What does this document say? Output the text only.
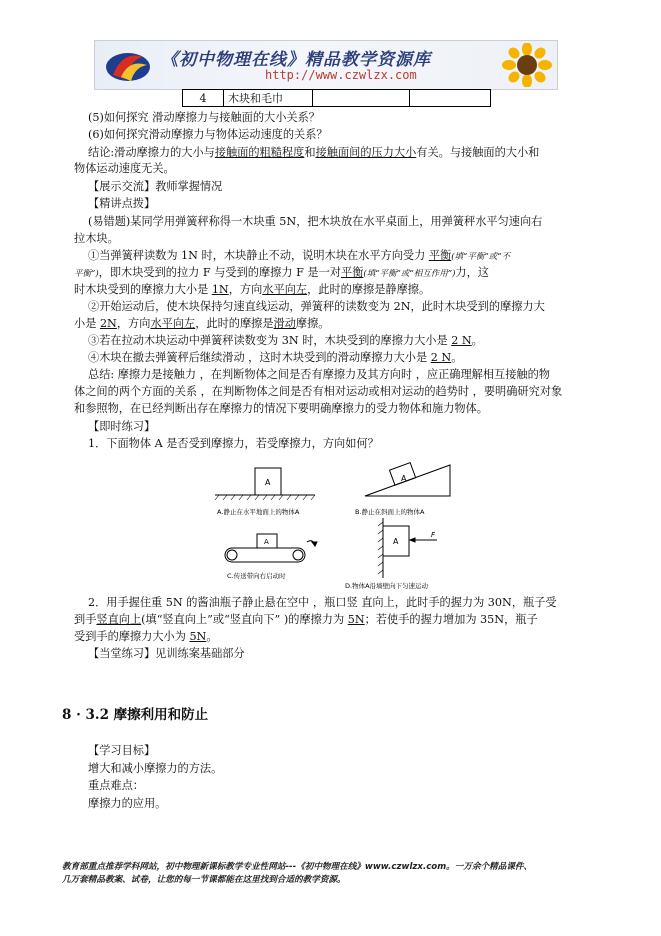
《初中物理在线》精品教学资源库
http://www.czwlzx.com
4	木块和毛巾		
(5)如何探究 滑动摩擦力与接触面的大小关系？
(6)如何探究滑动摩擦力与物体运动速度的关系？
结论:滑动摩擦力的大小与接触面的粗糙程度和接触面间的压力大小有关。与接触面的大小和
物体运动速度无关。
【展示交流】教师掌握情况
【精讲点拨】
(易错题)某同学用弹簧秤称得一木块重 5N，把木块放在水平桌面上，用弹簧秤水平匀速向右
拉木块。
①当弹簧秤读数为 1N 时，木块静止不动，说明木块在水平方向受力 平衡(填“平衡”或“不
平衡”)，即木块受到的拉力 F 与受到的摩擦力 F 是一对平衡(填“平衡”或“相互作用”)力，这
时木块受到的摩擦力大小是 1N，方向水平向左，此时的摩擦是静摩擦。
②开始运动后，使木块保持匀速直线运动，弹簧秤的读数变为 2N，此时木块受到的摩擦力大
小是 2N，方向水平向左，此时的摩擦是滑动摩擦。
③若在拉动木块运动中弹簧秤读数变为 3N 时，木块受到的摩擦力大小是 2 N。
④木块在撤去弹簧秤后继续滑动 ，这时木块受到的滑动摩擦力大小是 2 N。
总结: 摩擦力是接触力 ，在判断物体之间是否有摩擦力及其方向时 ，应正确理解相互接触的物
体之间的两个方面的关系 ，在判断物体之间是否有相对运动或相对运动的趋势时 ，要明确研究对象
和参照物，在已经判断出存在摩擦力的情况下要明确摩擦力的受力物体和施力物体。
【即时练习】
1．下面物体 A 是否受到摩擦力，若受摩擦力，方向如何？
A	A
A	A
F
A.静止在水平地面上的物体A	B.静止在斜面上的物体A
C.传送带向右启动时
D.物体A沿墙壁向下匀速运动
2．用手握住重 5N 的酱油瓶子静止悬在空中 ，瓶口竖 直向上，此时手的握力为 30N，瓶子受
到手竖直向上(填“竖直向上”或“竖直向下” )的摩擦力为 5N；若使手的握力增加为 35N，瓶子
受到手的摩擦力大小为 5N。
【当堂练习】见训练案基础部分
8 · 3.2 摩擦利用和防止
【学习目标】
增大和减小摩擦力的方法。
重点难点：
摩擦力的应用。
教育部重点推荐学科网站，初中物理新课标教学专业性网站---《初中物理在线》www.czwlzx.com。一万余个精品课件、
几万套精品教案、试卷，让您的每一节课都能在这里找到合适的教学资源。
